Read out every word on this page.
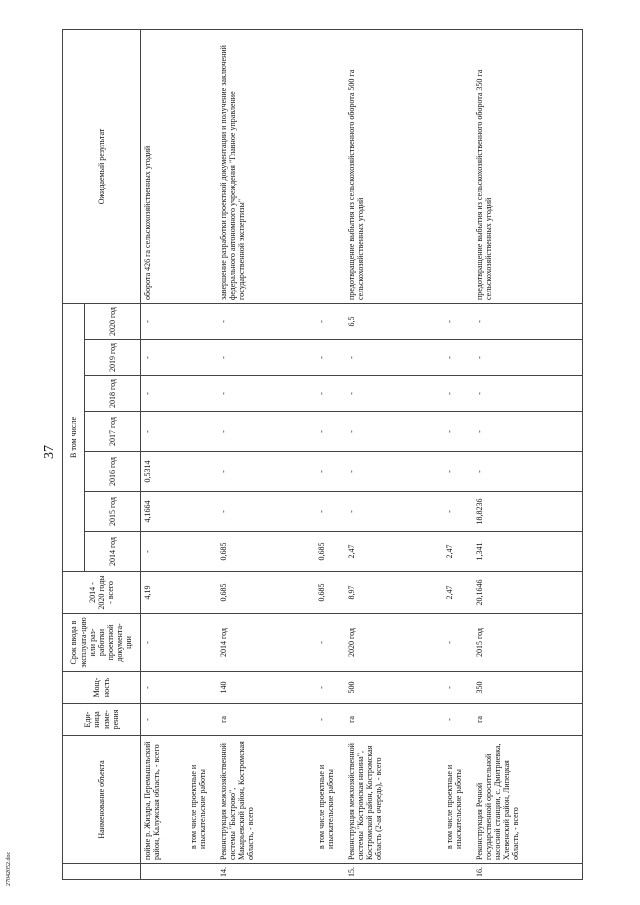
37
27042052.doc
	Наименование объекта	Еди-ница изме-рения	Мощ-ность	Срок ввода в эксплуата-цию или раз-работки проектной документа-ции	2014 - 2020 годы - всего	В том числе							Ожидаемый результат
						2014 год	2015 год	2016 год	2017 год	2018 год	2019 год	2020 год	
	пойме р. Жиздра, Перемышльский район, Калужская область, - всего	-	-	-	4,19	-	4,1664	0,5314	-	-	-	-	оборота 426 га сельскохозяйственных угодий
	в том числе проектные и изыскательские работы												
14.	Реконструкция межхозяйственной системы "Быстрово", Макарьевский район, Костромская область, - всего	га	140	2014 год	0,685	0,685	-	-	-	-	-	-	завершение разработки проектной документации и получение заключений федерального автономного учреждения "Главное управление государственной экспертизы"
	в том числе проектные и изыскательские работы	-	-	-	0,685	0,685	-	-	-	-	-	-	
15.	Реконструкция межхозяйственной системы "Костромская низина", Костромской район, Костромская область (2-ая очередь), - всего	га	500	2020 год	8,97	2,47	-	-	-	-	-	6,5	предотвращение выбытия из сельскохозяйственного оборота 500 га сельскохозяйственных угодий
	в том числе проектные и изыскательские работы	-	-	-	2,47	2,47	-	-	-	-	-	-	
16.	Реконструкция Речной государственной оросительной насосной станции, с. Дмитриевка, Хлевенский район, Липецкая область, - всего	га	350	2015 год	20,1646	1,341	18,8236	-	-	-	-	-	предотвращение выбытия из сельскохозяйственного оборота 350 га сельскохозяйственных угодий
